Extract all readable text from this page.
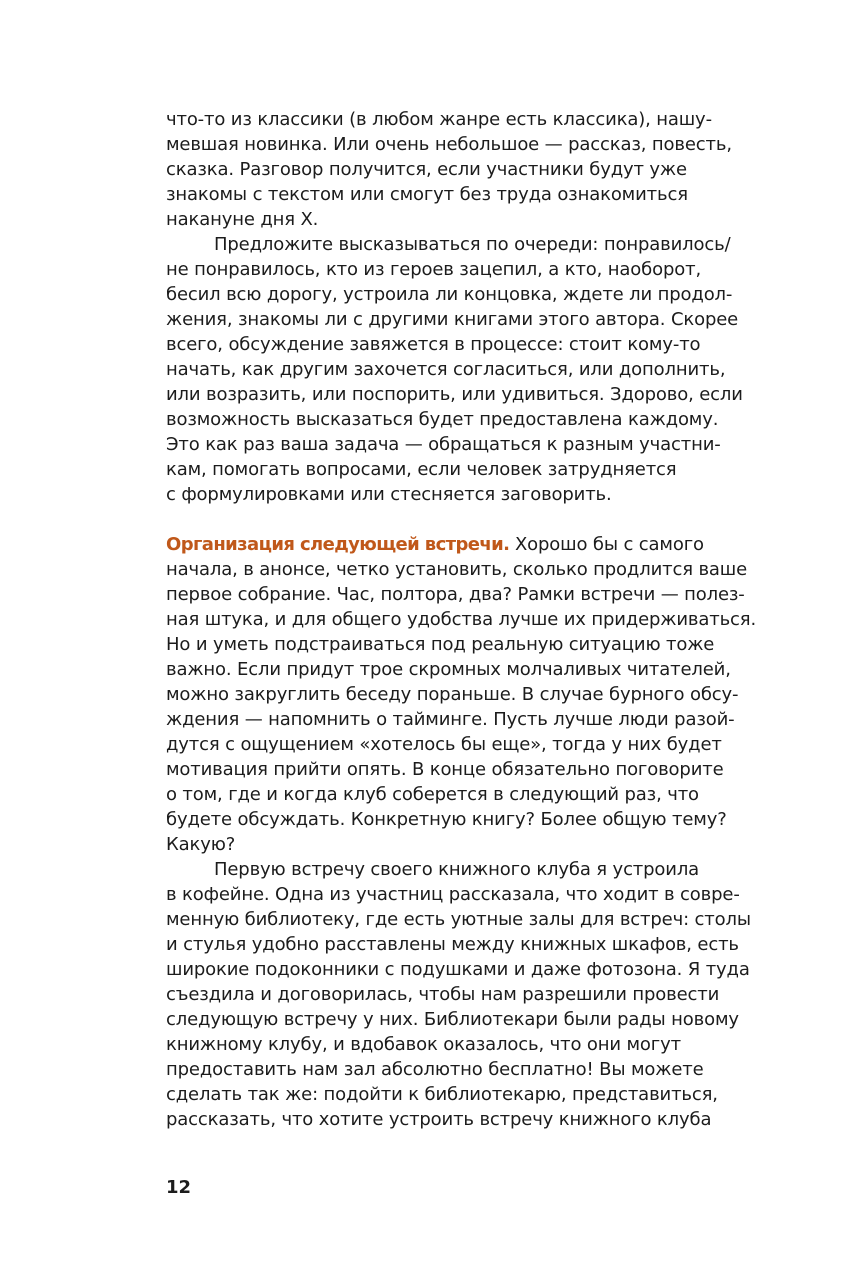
что-то из классики (в любом жанре есть классика), нашу-
мевшая новинка. Или очень небольшое — рассказ, повесть,
сказка. Разговор получится, если участники будут уже
знакомы с текстом или смогут без труда ознакомиться
накануне дня Х.
Предложите высказываться по очереди: понравилось/
не понравилось, кто из героев зацепил, а кто, наоборот,
бесил всю дорогу, устроила ли концовка, ждете ли продол-
жения, знакомы ли с другими книгами этого автора. Скорее
всего, обсуждение завяжется в процессе: стоит кому-то
начать, как другим захочется согласиться, или дополнить,
или возразить, или поспорить, или удивиться. Здорово, если
возможность высказаться будет предоставлена каждому.
Это как раз ваша задача — обращаться к разным участни-
кам, помогать вопросами, если человек затрудняется
с формулировками или стесняется заговорить.
Организация следующей встречи. Хорошо бы с самого
начала, в анонсе, четко установить, сколько продлится ваше
первое собрание. Час, полтора, два? Рамки встречи — полез-
ная штука, и для общего удобства лучше их придерживаться.
Но и уметь подстраиваться под реальную ситуацию тоже
важно. Если придут трое скромных молчаливых читателей,
можно закруглить беседу пораньше. В случае бурного обсу-
ждения — напомнить о тайминге. Пусть лучше люди разой-
дутся с ощущением «хотелось бы еще», тогда у них будет
мотивация прийти опять. В конце обязательно поговорите
о том, где и когда клуб соберется в следующий раз, что
будете обсуждать. Конкретную книгу? Более общую тему?
Какую?
Первую встречу своего книжного клуба я устроила
в кофейне. Одна из участниц рассказала, что ходит в совре-
менную библиотеку, где есть уютные залы для встреч: столы
и стулья удобно расставлены между книжных шкафов, есть
широкие подоконники с подушками и даже фотозона. Я туда
съездила и договорилась, чтобы нам разрешили провести
следующую встречу у них. Библиотекари были рады новому
книжному клубу, и вдобавок оказалось, что они могут
предоставить нам зал абсолютно бесплатно! Вы можете
сделать так же: подойти к библиотекарю, представиться,
рассказать, что хотите устроить встречу книжного клуба
12
